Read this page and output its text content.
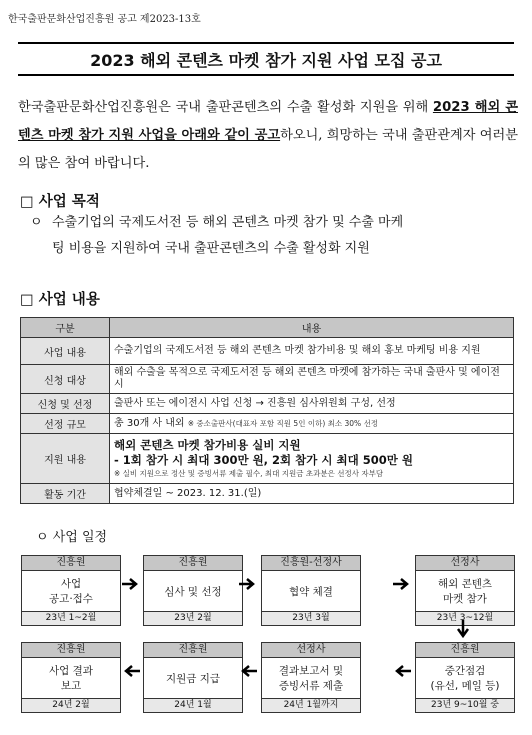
한국출판문화산업진흥원 공고 제2023-13호
2023 해외 콘텐츠 마켓 참가 지원 사업 모집 공고
한국출판문화산업진흥원은 국내 출판콘텐츠의 수출 활성화 지원을 위해 2023 해외 콘텐츠 마켓 참가 지원 사업을 아래와 같이 공고하오니, 희망하는 국내 출판관계자 여러분의 많은 참여 바랍니다.
□ 사업 목적
ㅇ 수출기업의 국제도서전 등 해외 콘텐츠 마켓 참가 및 수출 마케
팅 비용을 지원하여 국내 출판콘텐츠의 수출 활성화 지원
□ 사업 내용
구분	내용
사업 내용	수출기업의 국제도서전 등 해외 콘텐츠 마켓 참가비용 및 해외 홍보 마케팅 비용 지원
신청 대상	해외 수출을 목적으로 국제도서전 등 해외 콘텐츠 마켓에 참가하는 국내 출판사 및 에이전시
신청 및 선정	출판사 또는 에이전시 사업 신청 → 진흥원 심사위원회 구성, 선정
선정 규모	총 30개 사 내외 ※ 중소출판사(대표자 포함 직원 5인 이하) 최소 30% 선정
지원 내용	해외 콘텐츠 마켓 참가비용 실비 지원
- 1회 참가 시 최대 300만 원, 2회 참가 시 최대 500만 원
※ 실비 지원으로 정산 및 증빙서류 제출 필수, 최대 지원금 초과분은 선정사 자부담

활동 기간	협약체결일 ~ 2023. 12. 31.(일)
ㅇ 사업 일정
진흥원
사업
공고·접수
23년 1~2월
진흥원
심사 및 선정
23년 2월
진흥원-선정사
협약 체결
23년 3월
선정사
해외 콘텐츠
마켓 참가
23년 3~12월
진흥원
사업 결과
보고
24년 2월
진흥원
지원금 지급
24년 1월
선정사
결과보고서 및
증빙서류 제출
24년 1월까지
진흥원
중간점검
(유선, 메일 등)
23년 9~10월 중
